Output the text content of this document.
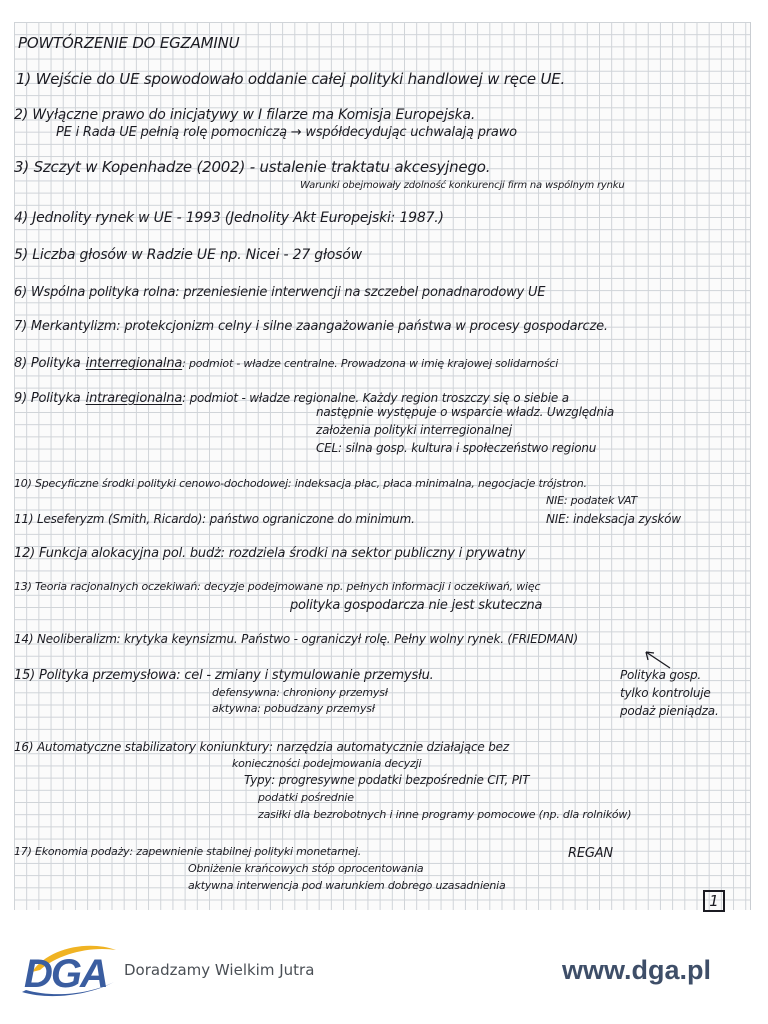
POWTÓRZENIE DO EGZAMINU
1) Wejście do UE spowodowało oddanie całej polityki handlowej w ręce UE.
2) Wyłączne prawo do inicjatywy w I filarze ma Komisja Europejska.
PE i Rada UE pełnią rolę pomocniczą → współdecydując uchwalają prawo
3) Szczyt w Kopenhadze (2002) - ustalenie traktatu akcesyjnego.
Warunki obejmowały zdolność konkurencji firm na wspólnym rynku
4) Jednolity rynek w UE - 1993 (Jednolity Akt Europejski: 1987.)
5) Liczba głosów w Radzie UE np. Nicei - 27 głosów
6) Wspólna polityka rolna: przeniesienie interwencji na szczebel ponadnarodowy UE
7) Merkantylizm: protekcjonizm celny i silne zaangażowanie państwa w procesy gospodarcze.
8) Polityka interregionalna: podmiot - władze centralne. Prowadzona w imię krajowej solidarności
9) Polityka intraregionalna: podmiot - władze regionalne. Każdy region troszczy się o siebie a
następnie występuje o wsparcie władz. Uwzględnia
założenia polityki interregionalnej
CEL: silna gosp. kultura i społeczeństwo regionu
10) Specyficzne środki polityki cenowo-dochodowej: indeksacja płac, płaca minimalna, negocjacje trójstron.
NIE: podatek VAT
11) Leseferyzm (Smith, Ricardo): państwo ograniczone do minimum.	NIE: indeksacja zysków
12) Funkcja alokacyjna pol. budż: rozdziela środki na sektor publiczny i prywatny
13) Teoria racjonalnych oczekiwań: decyzje podejmowane np. pełnych informacji i oczekiwań, więc
polityka gospodarcza nie jest skuteczna
14) Neoliberalizm: krytyka keynsizmu. Państwo - ograniczył rolę. Pełny wolny rynek. (FRIEDMAN)
15) Polityka przemysłowa: cel - zmiany i stymulowanie przemysłu.
defensywna: chroniony przemysł
aktywna: pobudzany przemysł
Polityka gosp.
tylko kontroluje
podaż pieniądza.
16) Automatyczne stabilizatory koniunktury: narzędzia automatycznie działające bez
konieczności podejmowania decyzji
Typy: progresywne podatki bezpośrednie CIT, PIT
podatki pośrednie
zasiłki dla bezrobotnych i inne programy pomocowe (np. dla rolników)
17) Ekonomia podaży: zapewnienie stabilnej polityki monetarnej.	REGAN
Obniżenie krańcowych stóp oprocentowania
aktywna interwencja pod warunkiem dobrego uzasadnienia
1
DGA Doradzamy Wielkim Jutra	www.dga.pl
